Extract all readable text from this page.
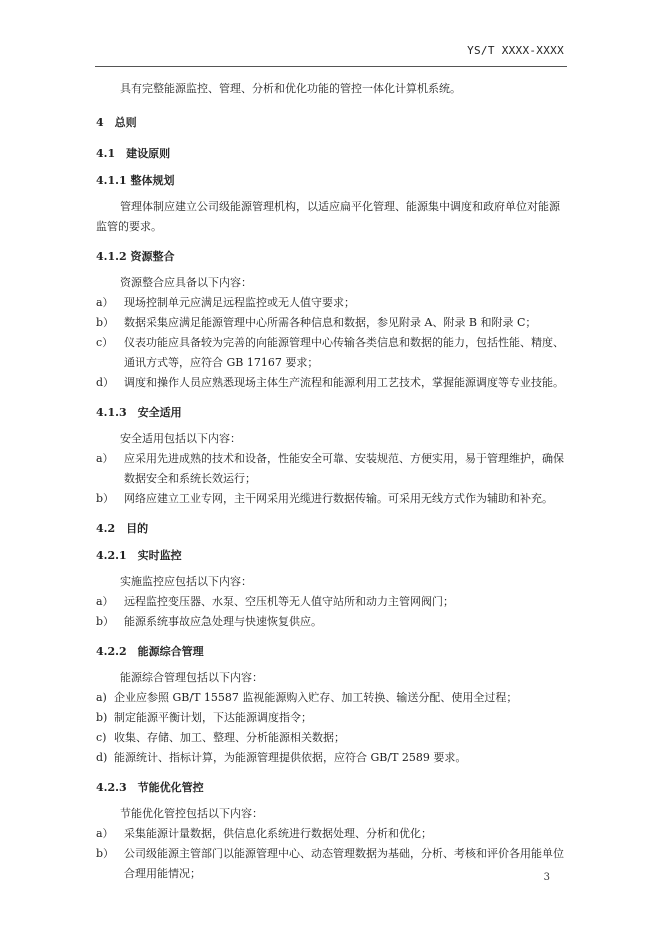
YS/T XXXX-XXXX

具有完整能源监控、管理、分析和优化功能的管控一体化计算机系统。

4　总则
4.1　建设原则
4.1.1 整体规划

管理体制应建立公司级能源管理机构，以适应扁平化管理、能源集中调度和政府单位对能源监管的要求。

4.1.2 资源整合

资源整合应具备以下内容：

a） 现场控制单元应满足远程监控或无人值守要求；
b） 数据采集应满足能源管理中心所需各种信息和数据，参见附录 A、附录 B 和附录 C；
c） 仪表功能应具备较为完善的向能源管理中心传输各类信息和数据的能力，包括性能、精度、通讯方式等，应符合 GB 17167 要求；
d） 调度和操作人员应熟悉现场主体生产流程和能源利用工艺技术，掌握能源调度等专业技能。
4.1.3　安全适用

安全适用包括以下内容：

a） 应采用先进成熟的技术和设备，性能安全可靠、安装规范、方便实用，易于管理维护，确保数据安全和系统长效运行；
b） 网络应建立工业专网，主干网采用光缆进行数据传输。可采用无线方式作为辅助和补充。
4.2　目的
4.2.1　实时监控

实施监控应包括以下内容：

a） 远程监控变压器、水泵、空压机等无人值守站所和动力主管网阀门；
b） 能源系统事故应急处理与快速恢复供应。
4.2.2　能源综合管理

能源综合管理包括以下内容：

a) 企业应参照 GB/T 15587 监视能源购入贮存、加工转换、输送分配、使用全过程；
b) 制定能源平衡计划，下达能源调度指令；
c) 收集、存储、加工、整理、分析能源相关数据；
d) 能源统计、指标计算，为能源管理提供依据，应符合 GB/T 2589 要求。
4.2.3　节能优化管控

节能优化管控包括以下内容：

a） 采集能源计量数据，供信息化系统进行数据处理、分析和优化；
b） 公司级能源主管部门以能源管理中心、动态管理数据为基础，分析、考核和评价各用能单位合理用能情况；	3
